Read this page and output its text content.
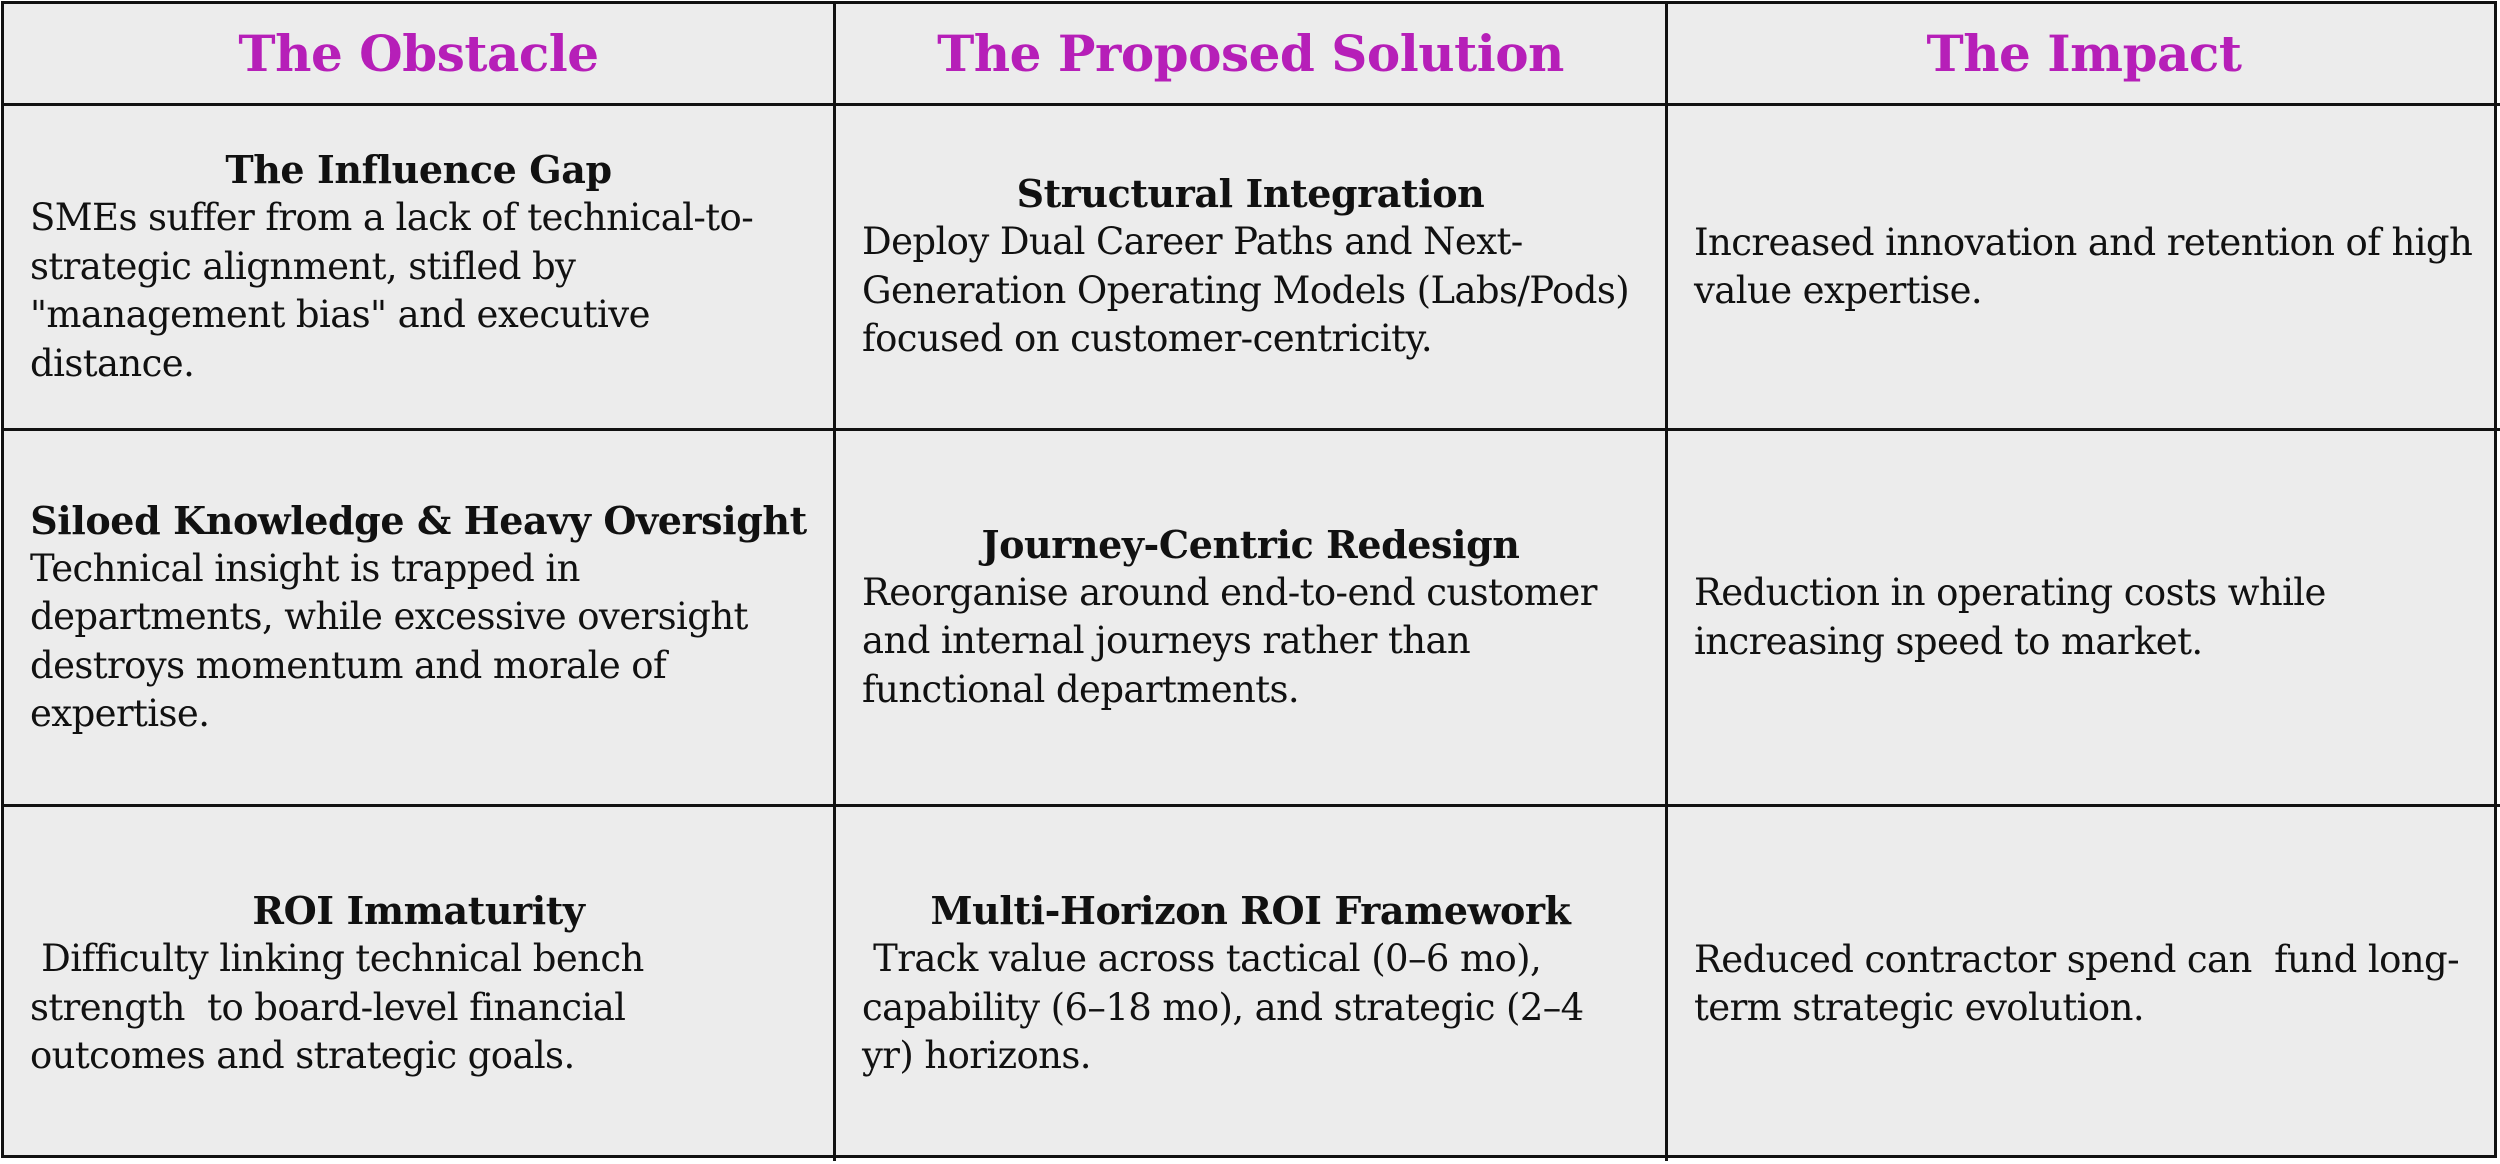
The Obstacle	The Proposed Solution	The Impact
The Influence Gap
SMEs suffer from a lack of technical-to-strategic alignment, stifled by "management bias" and executive distance.
Structural Integration
Deploy Dual Career Paths and Next-Generation Operating Models (Labs/Pods) focused on customer-centricity.
Increased innovation and retention of high value expertise.
Siloed Knowledge & Heavy Oversight
Technical insight is trapped in departments, while excessive oversight destroys momentum and morale of expertise.
Journey-Centric Redesign
Reorganise around end-to-end customer and internal journeys rather than functional departments.
Reduction in operating costs while increasing speed to market.
ROI Immaturity
Difficulty linking technical bench strength  to board-level financial outcomes and strategic goals.
Multi-Horizon ROI Framework
Track value across tactical (0–6 mo), capability (6–18 mo), and strategic (2–4 yr) horizons.
Reduced contractor spend can  fund long-term strategic evolution.
